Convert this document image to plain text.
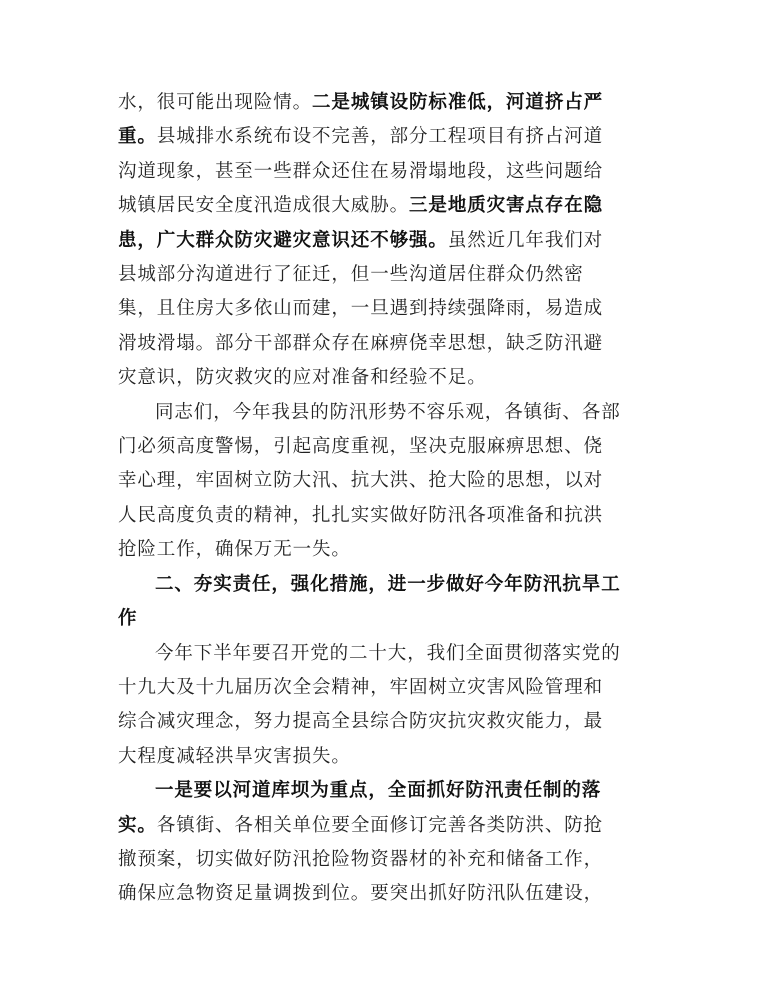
水，很可能出现险情。二是城镇设防标准低，河道挤占严
重。县城排水系统布设不完善，部分工程项目有挤占河道
沟道现象，甚至一些群众还住在易滑塌地段，这些问题给
城镇居民安全度汛造成很大威胁。三是地质灾害点存在隐
患，广大群众防灾避灾意识还不够强。虽然近几年我们对
县城部分沟道进行了征迁，但一些沟道居住群众仍然密
集，且住房大多依山而建，一旦遇到持续强降雨，易造成
滑坡滑塌。部分干部群众存在麻痹侥幸思想，缺乏防汛避
灾意识，防灾救灾的应对准备和经验不足。
同志们，今年我县的防汛形势不容乐观，各镇街、各部
门必须高度警惕，引起高度重视，坚决克服麻痹思想、侥
幸心理，牢固树立防大汛、抗大洪、抢大险的思想，以对
人民高度负责的精神，扎扎实实做好防汛各项准备和抗洪
抢险工作，确保万无一失。
二、夯实责任，强化措施，进一步做好今年防汛抗旱工
作
今年下半年要召开党的二十大，我们全面贯彻落实党的
十九大及十九届历次全会精神，牢固树立灾害风险管理和
综合减灾理念，努力提高全县综合防灾抗灾救灾能力，最
大程度减轻洪旱灾害损失。
一是要以河道库坝为重点，全面抓好防汛责任制的落
实。各镇街、各相关单位要全面修订完善各类防洪、防抢
撤预案，切实做好防汛抢险物资器材的补充和储备工作，
确保应急物资足量调拨到位。要突出抓好防汛队伍建设，
